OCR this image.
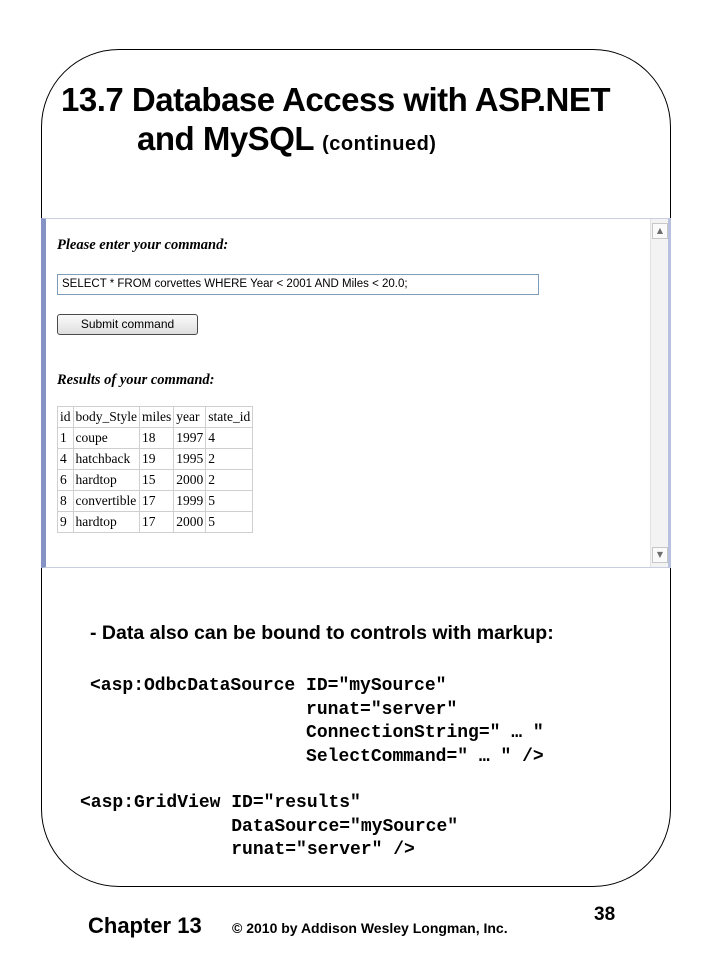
13.7 Database Access with ASP.NET
and MySQL (continued)
Please enter your command:
SELECT * FROM corvettes WHERE Year < 2001 AND Miles < 20.0;
Submit command
Results of your command:
id	body_Style	miles	year	state_id
1	coupe	18	1997	4
4	hatchback	19	1995	2
6	hardtop	15	2000	2
8	convertible	17	1999	5
9	hardtop	17	2000	5
▲
▼

- Data also can be bound to controls with markup:

<asp:OdbcDataSource ID=″mySource″
runat=″server″
ConnectionString=″ … ″
SelectCommand=″ … ″ />
<asp:GridView ID=″results″
DataSource=″mySource″
runat=″server″ />
Chapter 13 © 2010 by Addison Wesley Longman, Inc.
38
